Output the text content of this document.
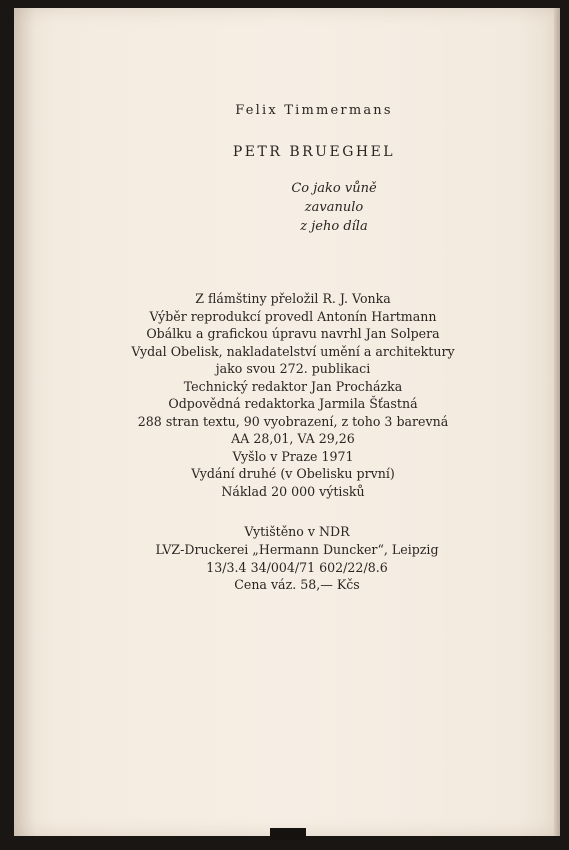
Felix Timmermans
PETR BRUEGHEL
Co jako vůně
zavanulo
z jeho díla
Z flámštiny přeložil R. J. Vonka
Výběr reprodukcí provedl Antonín Hartmann
Obálku a grafickou úpravu navrhl Jan Solpera
Vydal Obelisk, nakladatelství umění a architektury
jako svou 272. publikaci
Technický redaktor Jan Procházka
Odpovědná redaktorka Jarmila Šťastná
288 stran textu, 90 vyobrazení, z toho 3 barevná
AA 28,01, VA 29,26
Vyšlo v Praze 1971
Vydání druhé (v Obelisku první)
Náklad 20 000 výtisků
Vytištěno v NDR
LVZ-Druckerei „Hermann Duncker“, Leipzig
13/3.4 34/004/71 602/22/8.6
Cena váz. 58,— Kčs
